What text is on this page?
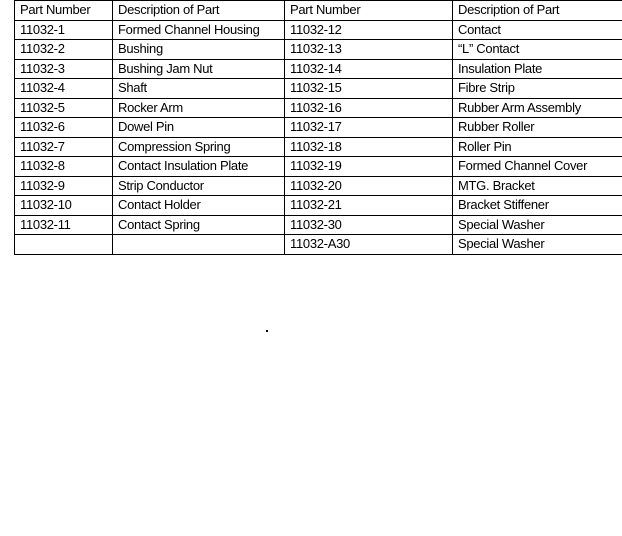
Part Number	Description of Part	Part Number	Description of Part
11032-1	Formed Channel Housing	11032-12	Contact
11032-2	Bushing	11032-13	“L” Contact
11032-3	Bushing Jam Nut	11032-14	Insulation Plate
11032-4	Shaft	11032-15	Fibre Strip
11032-5	Rocker Arm	11032-16	Rubber Arm Assembly
11032-6	Dowel Pin	11032-17	Rubber Roller
11032-7	Compression Spring	11032-18	Roller Pin
11032-8	Contact Insulation Plate	11032-19	Formed Channel Cover
11032-9	Strip Conductor	11032-20	MTG. Bracket
11032-10	Contact Holder	11032-21	Bracket Stiffener
11032-11	Contact Spring	11032-30	Special Washer
		11032-A30	Special Washer
